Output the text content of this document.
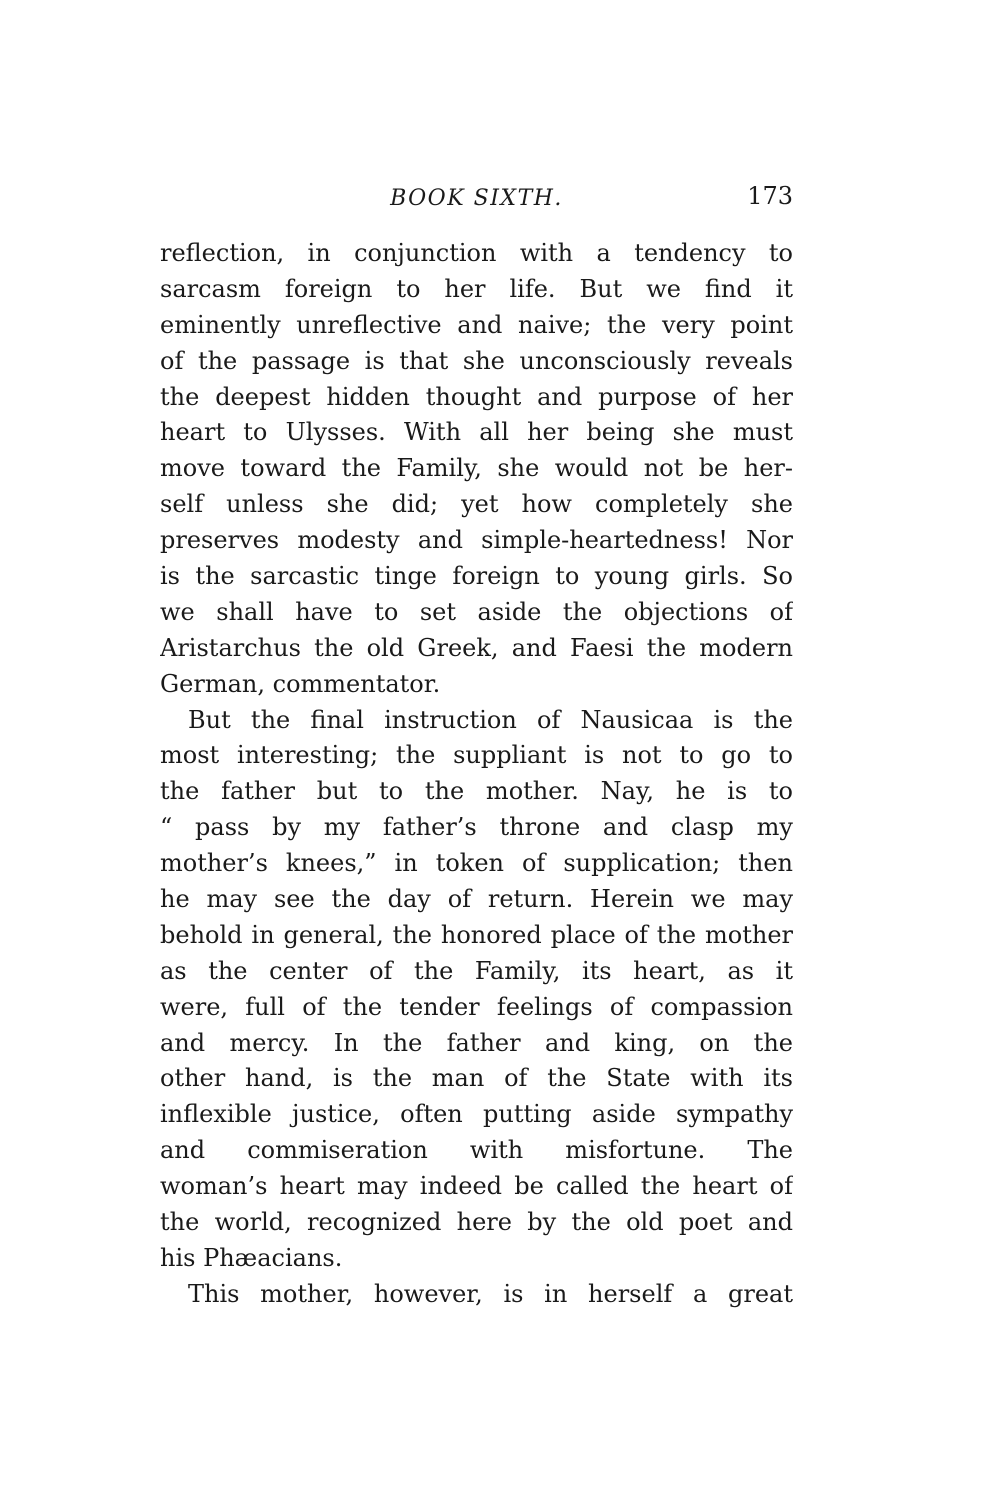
BOOK SIXTH.	173
reflection, in conjunction with a tendency to
sarcasm foreign to her life. But we find it
eminently unreflective and naive; the very point
of the passage is that she unconsciously reveals
the deepest hidden thought and purpose of her
heart to Ulysses. With all her being she must
move toward the Family, she would not be her-
self unless she did; yet how completely she
preserves modesty and simple-heartedness! Nor
is the sarcastic tinge foreign to young girls. So
we shall have to set aside the objections of
Aristarchus the old Greek, and Faesi the modern
German, commentator.
But the final instruction of Nausicaa is the
most interesting; the suppliant is not to go to
the father but to the mother. Nay, he is to
“ pass by my father’s throne and clasp my
mother’s knees,” in token of supplication; then
he may see the day of return. Herein we may
behold in general, the honored place of the mother
as the center of the Family, its heart, as it
were, full of the tender feelings of compassion
and mercy. In the father and king, on the
other hand, is the man of the State with its
inflexible justice, often putting aside sympathy
and commiseration with misfortune. The
woman’s heart may indeed be called the heart of
the world, recognized here by the old poet and
his Phæacians.
This mother, however, is in herself a great
